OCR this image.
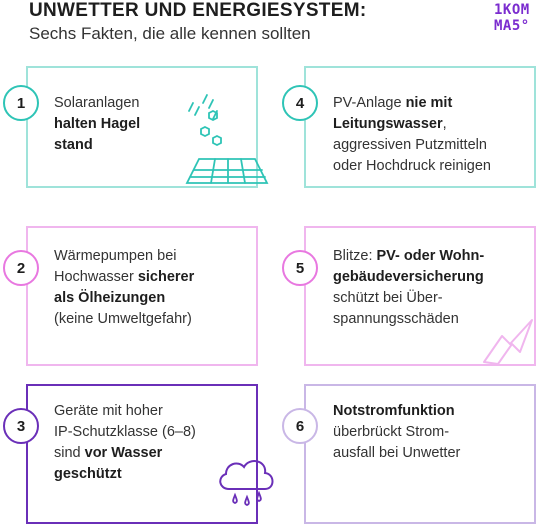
UNWETTER UND ENERGIESYSTEM:
Sechs Fakten, die alle kennen sollten
1KOM
MA5°
Solaranlagen
halten Hagel
stand
1
Wärmepumpen bei
Hochwasser sicherer
als Ölheizungen
(keine Umweltgefahr)
2
Geräte mit hoher
IP-Schutzklasse (6–8)
sind vor Wasser
geschützt
3
PV-Anlage nie mit
Leitungswasser,
aggressiven Putzmitteln
oder Hochdruck reinigen
4
Blitze: PV- oder Wohn-
gebäudeversicherung
schützt bei Über-
spannungsschäden
5
Notstromfunktion
überbrückt Strom-
ausfall bei Unwetter
6
